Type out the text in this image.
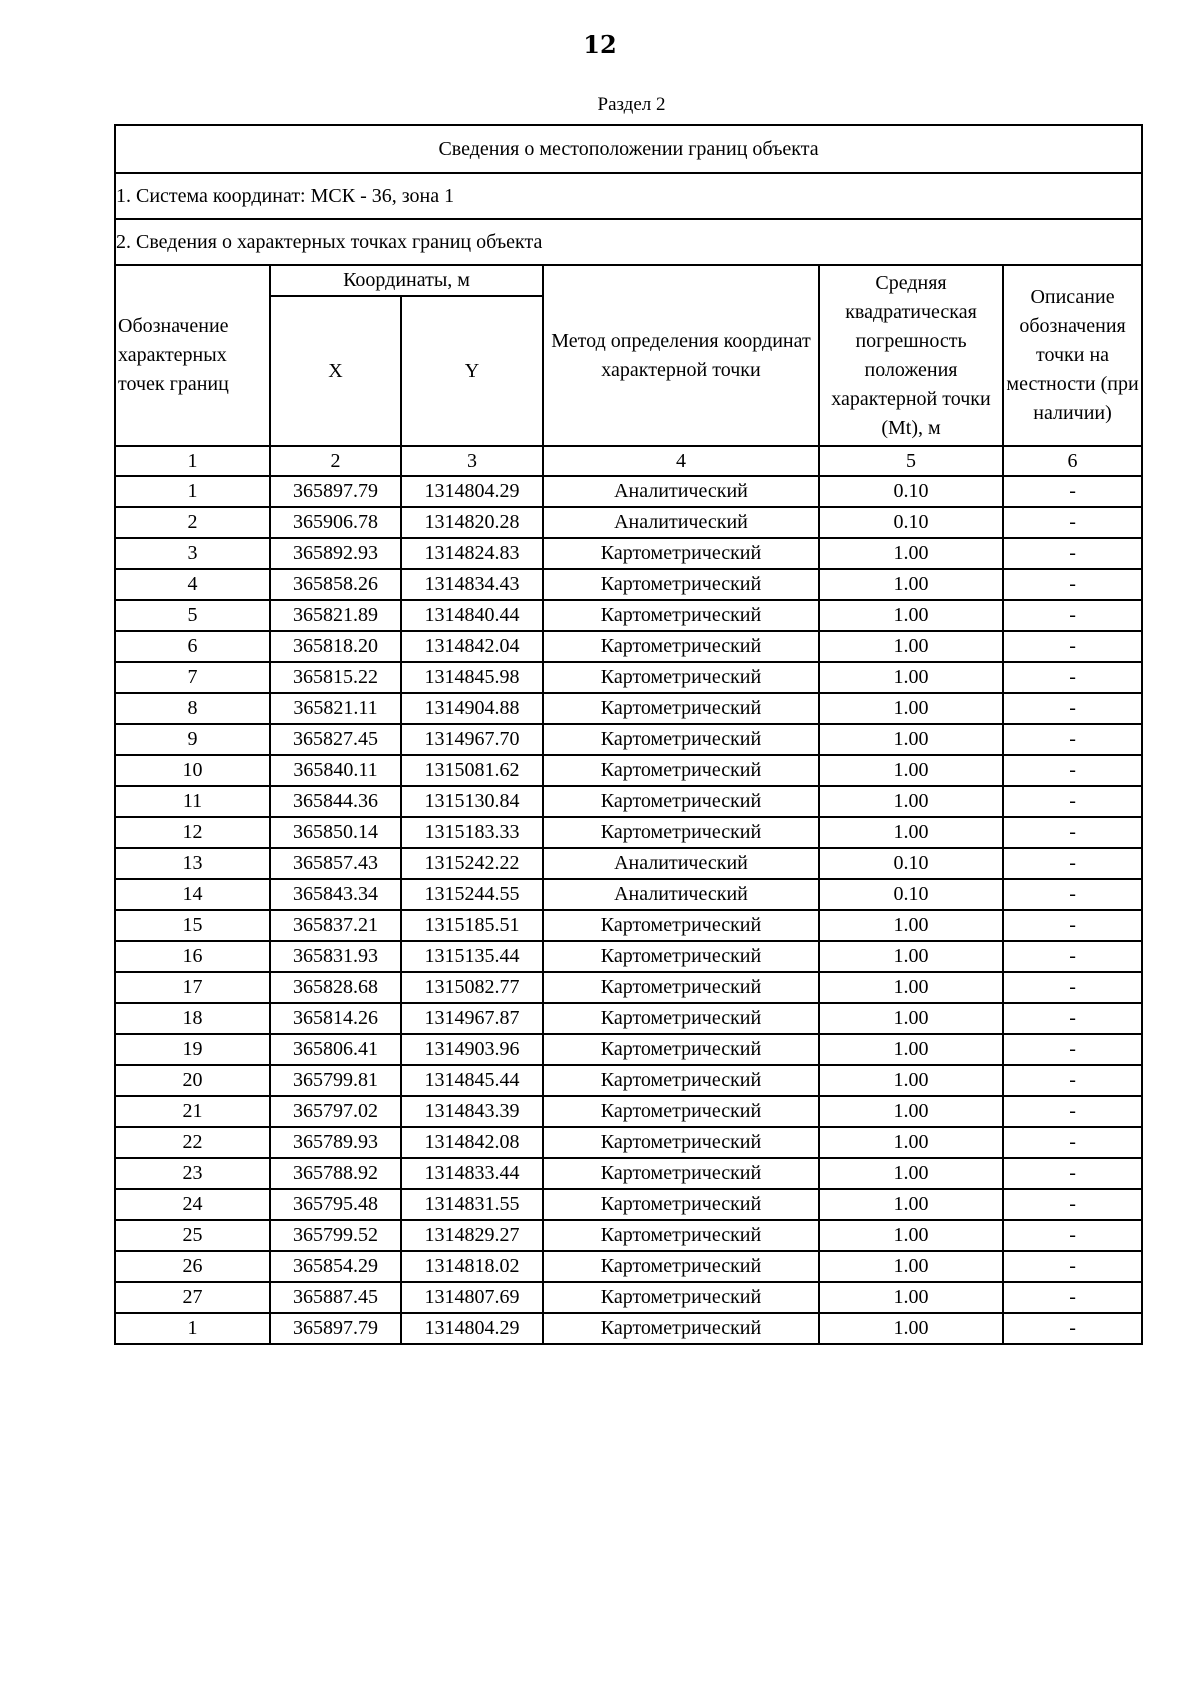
12
Раздел 2
Сведения о местоположении границ объекта					
1. Система координат: МСК - 36, зона 1					
2. Сведения о характерных точках границ объекта					
Обозначение характерных точек границ	Координаты, м		Метод определения координат характерной точки	Средняя квадратическая погрешность положения характерной точки (Mt), м	Описание обозначения точки на местности (при наличии)
	X	Y			
1	2	3	4	5	6
1	365897.79	1314804.29	Аналитический	0.10	-
2	365906.78	1314820.28	Аналитический	0.10	-
3	365892.93	1314824.83	Картометрический	1.00	-
4	365858.26	1314834.43	Картометрический	1.00	-
5	365821.89	1314840.44	Картометрический	1.00	-
6	365818.20	1314842.04	Картометрический	1.00	-
7	365815.22	1314845.98	Картометрический	1.00	-
8	365821.11	1314904.88	Картометрический	1.00	-
9	365827.45	1314967.70	Картометрический	1.00	-
10	365840.11	1315081.62	Картометрический	1.00	-
11	365844.36	1315130.84	Картометрический	1.00	-
12	365850.14	1315183.33	Картометрический	1.00	-
13	365857.43	1315242.22	Аналитический	0.10	-
14	365843.34	1315244.55	Аналитический	0.10	-
15	365837.21	1315185.51	Картометрический	1.00	-
16	365831.93	1315135.44	Картометрический	1.00	-
17	365828.68	1315082.77	Картометрический	1.00	-
18	365814.26	1314967.87	Картометрический	1.00	-
19	365806.41	1314903.96	Картометрический	1.00	-
20	365799.81	1314845.44	Картометрический	1.00	-
21	365797.02	1314843.39	Картометрический	1.00	-
22	365789.93	1314842.08	Картометрический	1.00	-
23	365788.92	1314833.44	Картометрический	1.00	-
24	365795.48	1314831.55	Картометрический	1.00	-
25	365799.52	1314829.27	Картометрический	1.00	-
26	365854.29	1314818.02	Картометрический	1.00	-
27	365887.45	1314807.69	Картометрический	1.00	-
1	365897.79	1314804.29	Картометрический	1.00	-
